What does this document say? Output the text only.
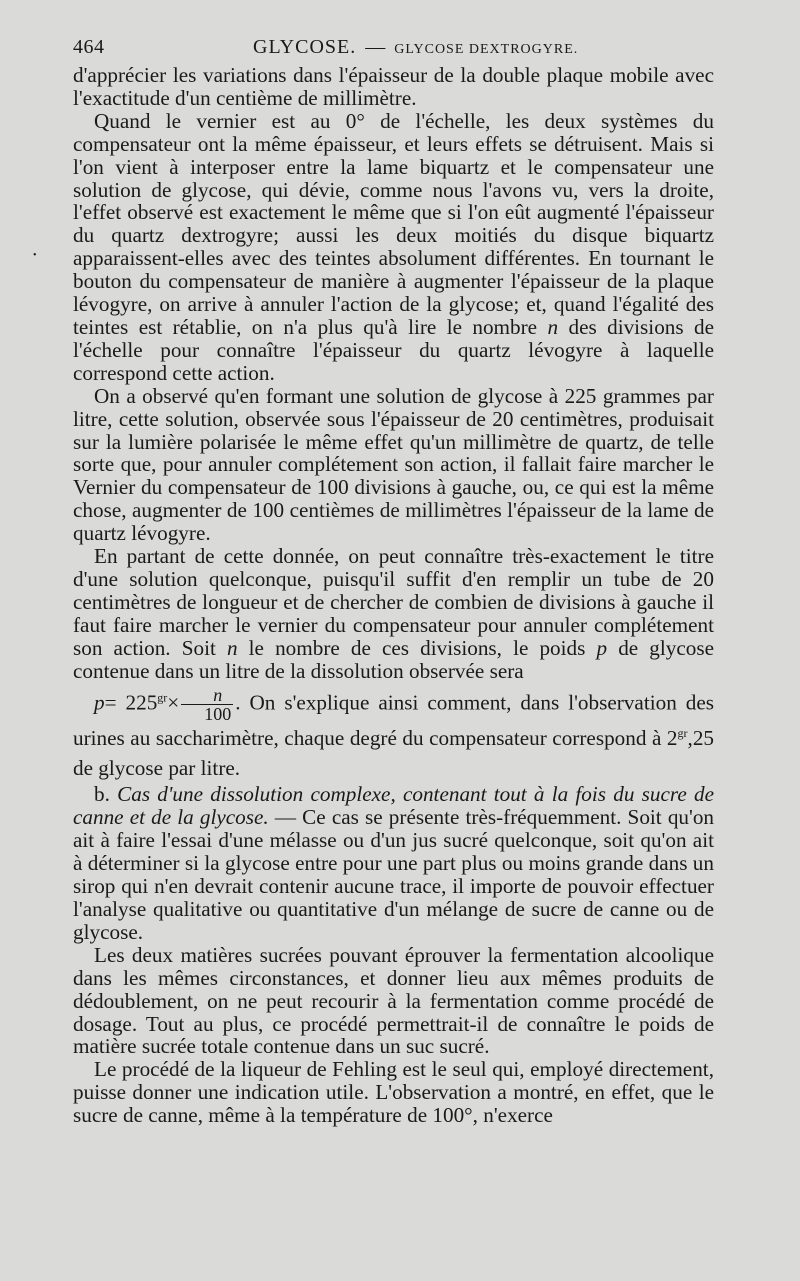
•
464	GLYCOSE. — GLYCOSE DEXTROGYRE.

d'apprécier les variations dans l'épaisseur de la double plaque mobile avec l'exactitude d'un centième de millimètre.

Quand le vernier est au 0° de l'échelle, les deux systèmes du compensateur ont la même épaisseur, et leurs effets se détruisent. Mais si l'on vient à interposer entre la lame biquartz et le compensateur une solution de glycose, qui dévie, comme nous l'avons vu, vers la droite, l'effet observé est exactement le même que si l'on eût augmenté l'épaisseur du quartz dextrogyre; aussi les deux moitiés du disque biquartz apparaissent-elles avec des teintes absolument différentes. En tournant le bouton du compensateur de manière à augmenter l'épaisseur de la plaque lévogyre, on arrive à annuler l'action de la glycose; et, quand l'égalité des teintes est rétablie, on n'a plus qu'à lire le nombre n des divisions de l'échelle pour connaître l'épaisseur du quartz lévogyre à laquelle correspond cette action.

On a observé qu'en formant une solution de glycose à 225 grammes par litre, cette solution, observée sous l'épaisseur de 20 centimètres, produisait sur la lumière polarisée le même effet qu'un millimètre de quartz, de telle sorte que, pour annuler complétement son action, il fallait faire marcher le Vernier du compensateur de 100 divisions à gauche, ou, ce qui est la même chose, augmenter de 100 centièmes de millimètres l'épaisseur de la lame de quartz lévogyre.

En partant de cette donnée, on peut connaître très-exactement le titre d'une solution quelconque, puisqu'il suffit d'en remplir un tube de 20 centimètres de longueur et de chercher de combien de divisions à gauche il faut faire marcher le vernier du compensateur pour annuler complétement son action. Soit n le nombre de ces divisions, le poids p de glycose contenue dans un litre de la dissolution observée sera
$p= 225^{gr}\times \frac{n}{100}$ . On s'explique ainsi comment, dans l'observation des urines au saccharimètre, chaque degré du compensateur correspond à $2^{gr},25$ de glycose par litre.

b. Cas d'une dissolution complexe, contenant tout à la fois du sucre de canne et de la glycose. — Ce cas se présente très-fréquemment. Soit qu'on ait à faire l'essai d'une mélasse ou d'un jus sucré quelconque, soit qu'on ait à déterminer si la glycose entre pour une part plus ou moins grande dans un sirop qui n'en devrait contenir aucune trace, il importe de pouvoir effectuer l'analyse qualitative ou quantitative d'un mélange de sucre de canne ou de glycose.

Les deux matières sucrées pouvant éprouver la fermentation alcoolique dans les mêmes circonstances, et donner lieu aux mêmes produits de dédoublement, on ne peut recourir à la fermentation comme procédé de dosage. Tout au plus, ce procédé permettrait-il de connaître le poids de matière sucrée totale contenue dans un suc sucré.

Le procédé de la liqueur de Fehling est le seul qui, employé directement, puisse donner une indication utile. L'observation a montré, en effet, que le sucre de canne, même à la température de 100°, n'exerce
